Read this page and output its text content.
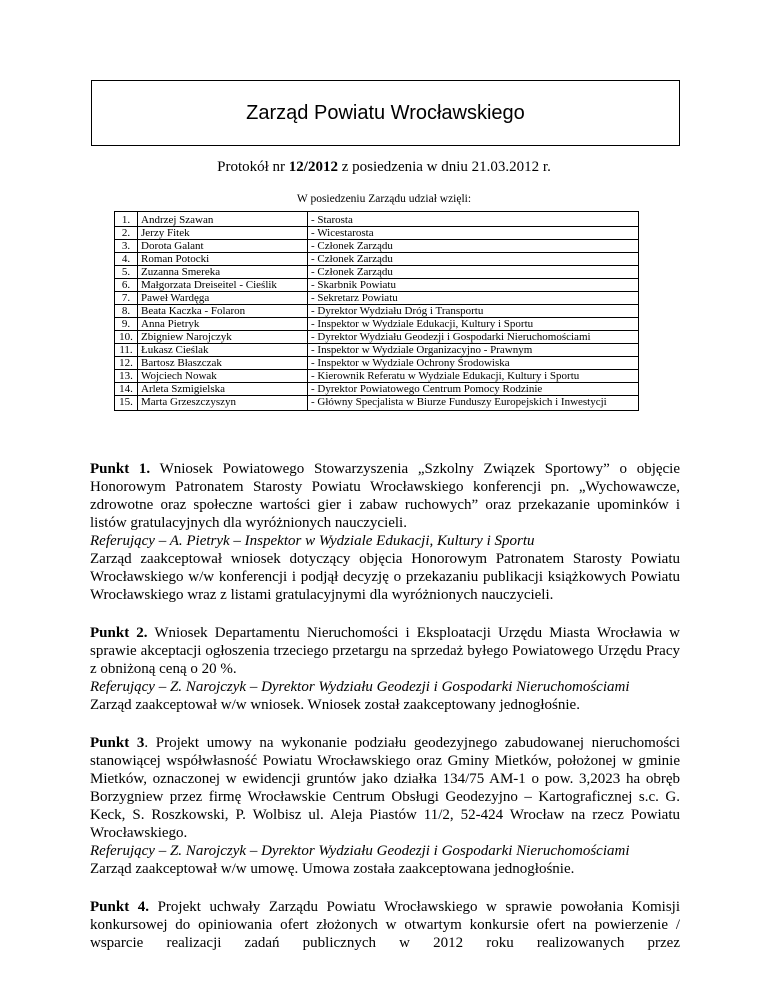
Zarząd Powiatu Wrocławskiego
Protokół nr 12/2012 z posiedzenia w dniu 21.03.2012 r.
W posiedzeniu Zarządu udział wzięli:
1.	Andrzej Szawan	- Starosta
2.	Jerzy Fitek	- Wicestarosta
3.	Dorota Galant	- Członek Zarządu
4.	Roman Potocki	- Członek Zarządu
5.	Zuzanna Smereka	- Członek Zarządu
6.	Małgorzata Dreiseitel - Cieślik	- Skarbnik Powiatu
7.	Paweł Wardęga	- Sekretarz Powiatu
8.	Beata Kaczka - Folaron	- Dyrektor Wydziału Dróg i Transportu
9.	Anna Pietryk	- Inspektor w Wydziale Edukacji, Kultury i Sportu
10.	Zbigniew Narojczyk	- Dyrektor Wydziału Geodezji i Gospodarki Nieruchomościami
11.	Łukasz Cieślak	- Inspektor w Wydziale Organizacyjno - Prawnym
12.	Bartosz Błaszczak	- Inspektor w Wydziale Ochrony Środowiska
13.	Wojciech Nowak	- Kierownik Referatu w Wydziale Edukacji, Kultury i Sportu
14.	Arleta Szmigielska	- Dyrektor Powiatowego Centrum Pomocy Rodzinie
15.	Marta Grzeszczyszyn	- Główny Specjalista w Biurze Funduszy Europejskich i Inwestycji

Punkt 1. Wniosek Powiatowego Stowarzyszenia „Szkolny Związek Sportowy” o objęcie Honorowym Patronatem Starosty Powiatu Wrocławskiego konferencji pn. „Wychowawcze, zdrowotne oraz społeczne wartości gier i zabaw ruchowych” oraz przekazanie upominków i listów gratulacyjnych dla wyróżnionych nauczycieli.
Referujący – A. Pietryk – Inspektor w Wydziale Edukacji, Kultury i Sportu
Zarząd zaakceptował wniosek dotyczący objęcia Honorowym Patronatem Starosty Powiatu Wrocławskiego w/w konferencji i podjął decyzję o przekazaniu publikacji książkowych Powiatu Wrocławskiego wraz z listami gratulacyjnymi dla wyróżnionych nauczycieli.

Punkt 2. Wniosek Departamentu Nieruchomości i Eksploatacji Urzędu Miasta Wrocławia w sprawie akceptacji ogłoszenia trzeciego przetargu na sprzedaż byłego Powiatowego Urzędu Pracy z obniżoną ceną o 20 %.
Referujący – Z. Narojczyk – Dyrektor Wydziału Geodezji i Gospodarki Nieruchomościami
Zarząd zaakceptował w/w wniosek. Wniosek został zaakceptowany jednogłośnie.

Punkt 3. Projekt umowy na wykonanie podziału geodezyjnego zabudowanej nieruchomości stanowiącej współwłasność Powiatu Wrocławskiego oraz Gminy Mietków, położonej w gminie Mietków, oznaczonej w ewidencji gruntów jako działka 134/75 AM-1 o pow. 3,2023 ha obręb Borzygniew przez firmę Wrocławskie Centrum Obsługi Geodezyjno – Kartograficznej s.c. G. Keck, S. Roszkowski, P. Wolbisz ul. Aleja Piastów 11/2, 52-424 Wrocław na rzecz Powiatu Wrocławskiego.
Referujący – Z. Narojczyk – Dyrektor Wydziału Geodezji i Gospodarki Nieruchomościami
Zarząd zaakceptował w/w umowę. Umowa została zaakceptowana jednogłośnie.

Punkt 4. Projekt uchwały Zarządu Powiatu Wrocławskiego w sprawie powołania Komisji konkursowej do opiniowania ofert złożonych w otwartym konkursie ofert na powierzenie / wsparcie realizacji zadań publicznych w 2012 roku realizowanych przez
